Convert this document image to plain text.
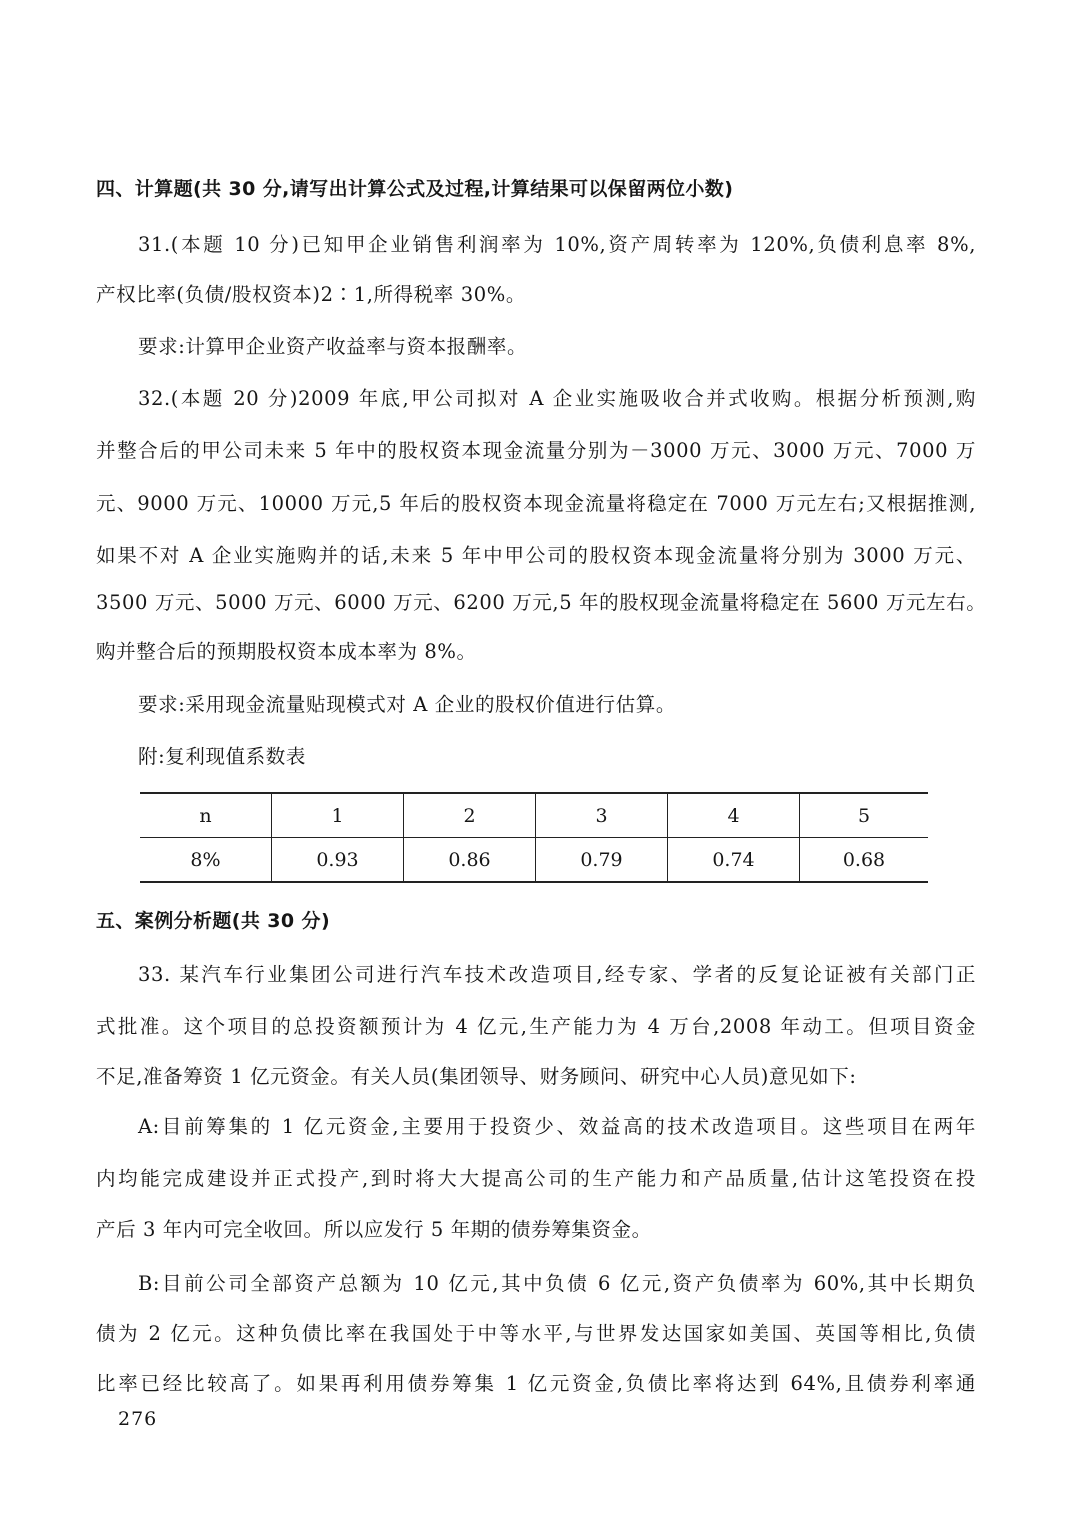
四、计算题(共 30 分,请写出计算公式及过程,计算结果可以保留两位小数)
31.(本题 10 分)已知甲企业销售利润率为 10%,资产周转率为 120%,负债利息率 8%,
产权比率(负债/股权资本)2∶1,所得税率 30%。
要求:计算甲企业资产收益率与资本报酬率。
32.(本题 20 分)2009 年底,甲公司拟对 A 企业实施吸收合并式收购。根据分析预测,购
并整合后的甲公司未来 5 年中的股权资本现金流量分别为－3000 万元、3000 万元、7000 万
元、9000 万元、10000 万元,5 年后的股权资本现金流量将稳定在 7000 万元左右;又根据推测,
如果不对 A 企业实施购并的话,未来 5 年中甲公司的股权资本现金流量将分别为 3000 万元、
3500 万元、5000 万元、6000 万元、6200 万元,5 年的股权现金流量将稳定在 5600 万元左右。
购并整合后的预期股权资本成本率为 8%。
要求:采用现金流量贴现模式对 A 企业的股权价值进行估算。
附:复利现值系数表
n	1	2	3	4	5
8%	0.93	0.86	0.79	0.74	0.68
五、案例分析题(共 30 分)
33. 某汽车行业集团公司进行汽车技术改造项目,经专家、学者的反复论证被有关部门正
式批准。这个项目的总投资额预计为 4 亿元,生产能力为 4 万台,2008 年动工。但项目资金
不足,准备筹资 1 亿元资金。有关人员(集团领导、财务顾问、研究中心人员)意见如下:
A:目前筹集的 1 亿元资金,主要用于投资少、效益高的技术改造项目。这些项目在两年
内均能完成建设并正式投产,到时将大大提高公司的生产能力和产品质量,估计这笔投资在投
产后 3 年内可完全收回。所以应发行 5 年期的债券筹集资金。
B:目前公司全部资产总额为 10 亿元,其中负债 6 亿元,资产负债率为 60%,其中长期负
债为 2 亿元。这种负债比率在我国处于中等水平,与世界发达国家如美国、英国等相比,负债
比率已经比较高了。如果再利用债券筹集 1 亿元资金,负债比率将达到 64%,且债券利率通
276
